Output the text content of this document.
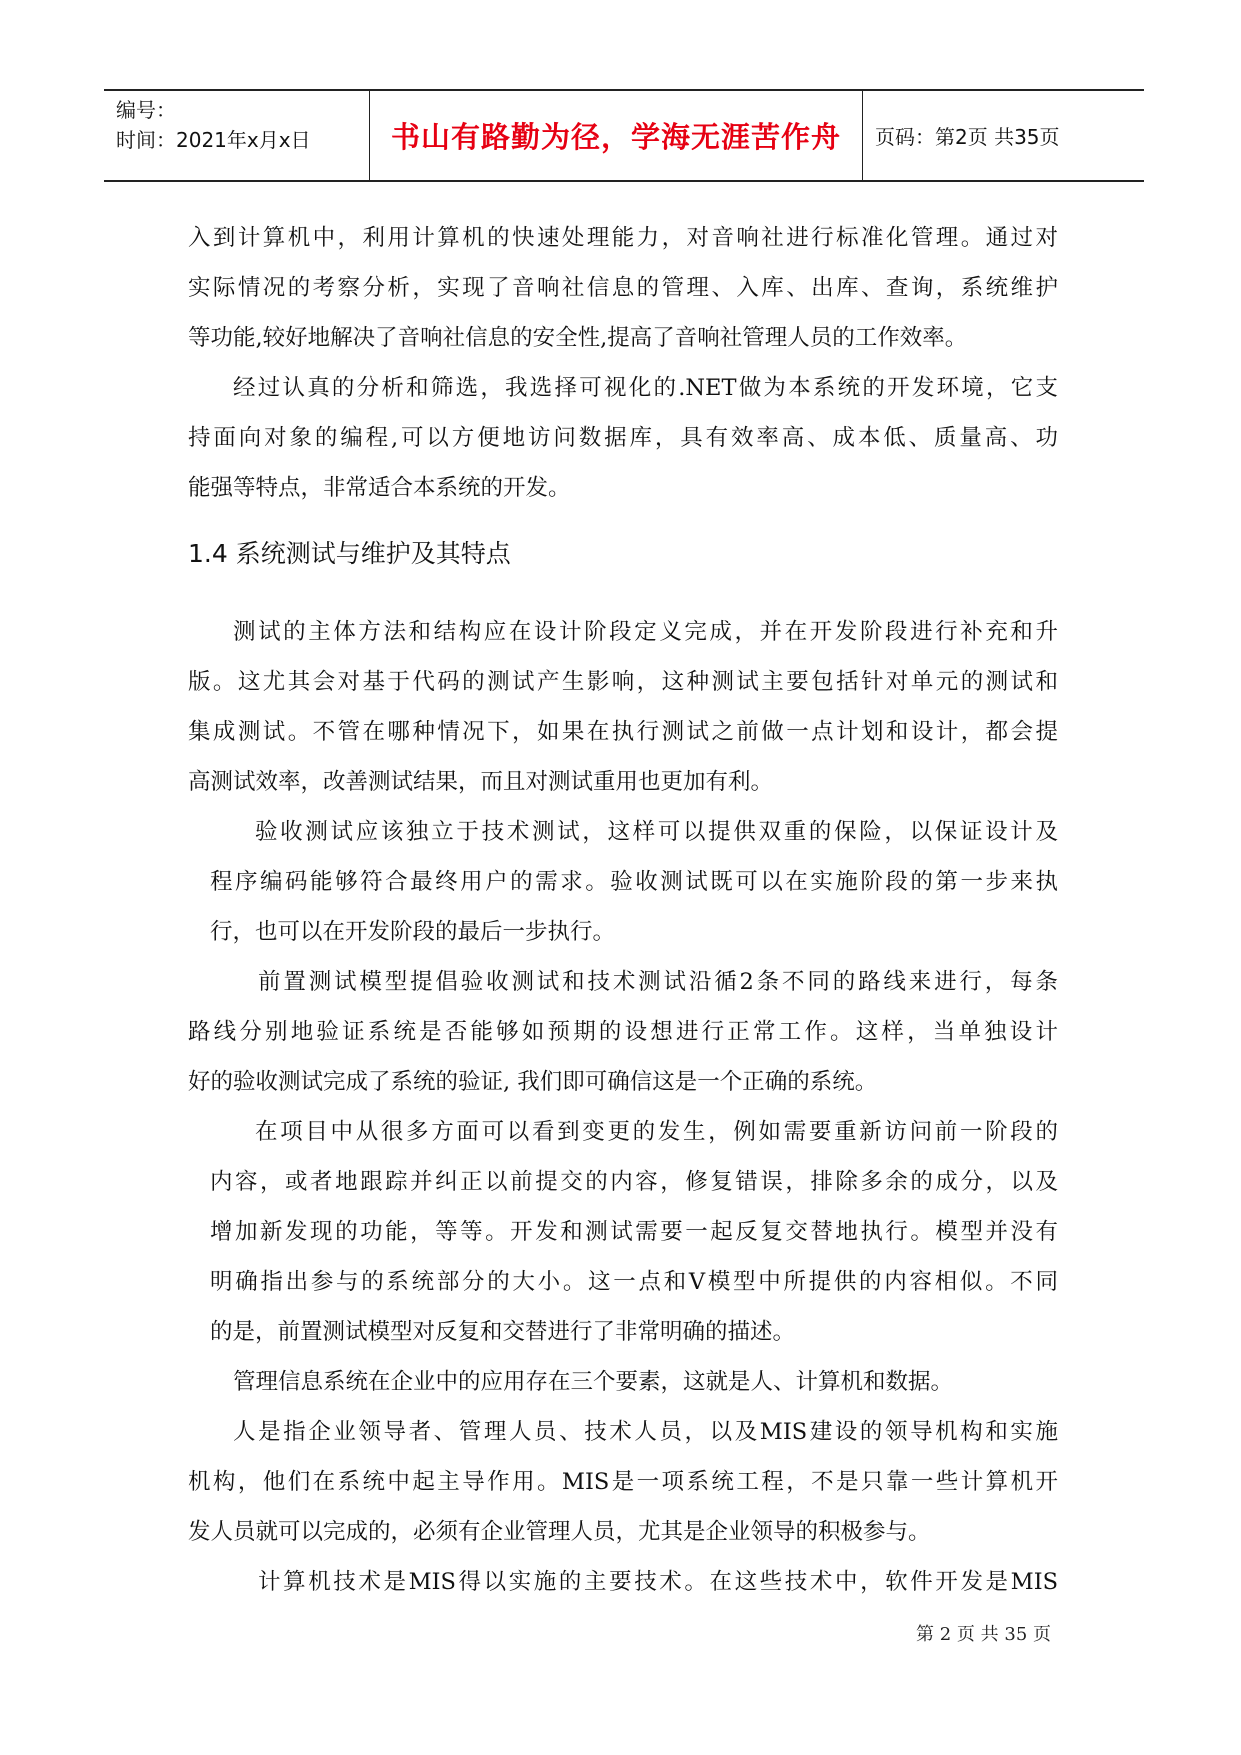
编号：
时间：2021年x月x日	书山有路勤为径，学海无涯苦作舟 页码：第2页 共35页

入到计算机中，利用计算机的快速处理能力，对音响社进行标准化管理。通过对

实际情况的考察分析，实现了音响社信息的管理、入库、出库、查询，系统维护

等功能,较好地解决了音响社信息的安全性,提高了音响社管理人员的工作效率。

经过认真的分析和筛选，我选择可视化的.NET做为本系统的开发环境，它支

持面向对象的编程,可以方便地访问数据库，具有效率高、成本低、质量高、功

能强等特点，非常适合本系统的开发。

1.4 系统测试与维护及其特点

测试的主体方法和结构应在设计阶段定义完成，并在开发阶段进行补充和升

版。这尤其会对基于代码的测试产生影响，这种测试主要包括针对单元的测试和

集成测试。不管在哪种情况下，如果在执行测试之前做一点计划和设计，都会提

高测试效率，改善测试结果，而且对测试重用也更加有利。

验收测试应该独立于技术测试，这样可以提供双重的保险，以保证设计及

程序编码能够符合最终用户的需求。验收测试既可以在实施阶段的第一步来执

行，也可以在开发阶段的最后一步执行。

前置测试模型提倡验收测试和技术测试沿循2条不同的路线来进行，每条

路线分别地验证系统是否能够如预期的设想进行正常工作。这样，当单独设计

好的验收测试完成了系统的验证, 我们即可确信这是一个正确的系统。

在项目中从很多方面可以看到变更的发生，例如需要重新访问前一阶段的

内容，或者地跟踪并纠正以前提交的内容，修复错误，排除多余的成分，以及

增加新发现的功能，等等。开发和测试需要一起反复交替地执行。模型并没有

明确指出参与的系统部分的大小。这一点和V模型中所提供的内容相似。不同

的是，前置测试模型对反复和交替进行了非常明确的描述。

管理信息系统在企业中的应用存在三个要素，这就是人、计算机和数据。

人是指企业领导者、管理人员、技术人员，以及MIS建设的领导机构和实施

机构，他们在系统中起主导作用。MIS是一项系统工程，不是只靠一些计算机开

发人员就可以完成的，必须有企业管理人员，尤其是企业领导的积极参与。

计算机技术是MIS得以实施的主要技术。在这些技术中，软件开发是MIS

第 2 页 共 35 页
